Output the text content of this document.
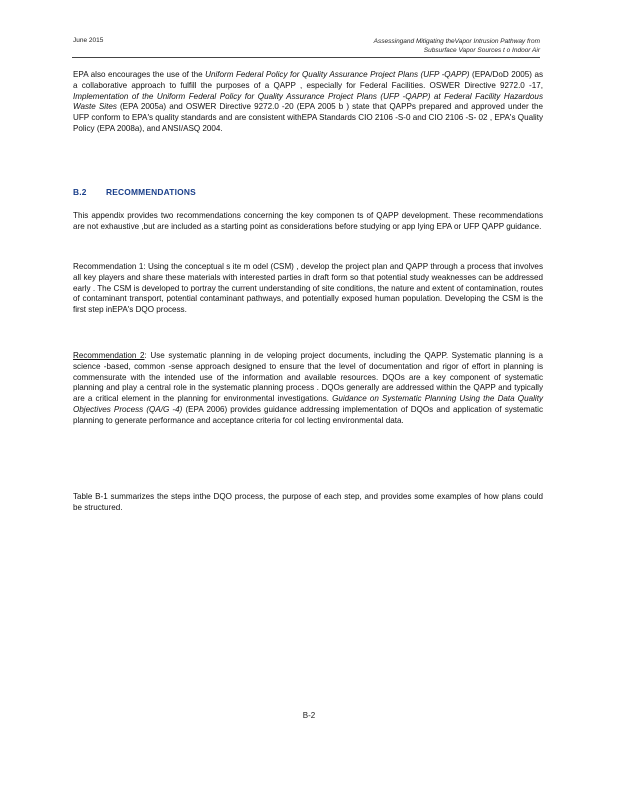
June 2015	Assessingand Mitigating theVapor Intrusion Pathway from
Subsurface Vapor Sources t o Indoor Air

EPA also encourages the use of the Uniform Federal Policy for Quality Assurance Project Plans (UFP -QAPP) (EPA/DoD 2005) as a collaborative approach to fulfill the purposes of a QAPP , especially for Federal Facilities. OSWER Directive 9272.0 -17, Implementation of the Uniform Federal Policy for Quality Assurance Project Plans (UFP -QAPP) at Federal Facility Hazardous Waste Sites (EPA 2005a) and OSWER Directive 9272.0 -20 (EPA 2005 b ) state that QAPPs prepared and approved under the UFP conform to EPA's quality standards and are consistent withEPA Standards CIO 2106 -S-0 and CIO 2106 -S- 02 , EPA's Quality Policy (EPA 2008a), and ANSI/ASQ 2004.

B.2 RECOMMENDATIONS

This appendix provides two recommendations concerning the key componen ts of QAPP development. These recommendations are not exhaustive ,but are included as a starting point as considerations before studying or app lying EPA or UFP QAPP guidance.

Recommendation 1: Using the conceptual s ite m odel (CSM) , develop the project plan and QAPP through a process that involves all key players and share these materials with interested parties in draft form so that potential study weaknesses can be addressed early . The CSM is developed to portray the current understanding of site conditions, the nature and extent of contamination, routes of contaminant transport, potential contaminant pathways, and potentially exposed human population. Developing the CSM is the first step inEPA's DQO process.

Recommendation 2: Use systematic planning in de veloping project documents, including the QAPP. Systematic planning is a science -based, common -sense approach designed to ensure that the level of documentation and rigor of effort in planning is commensurate with the intended use of the information and available resources. DQOs are a key component of systematic planning and play a central role in the systematic planning process . DQOs generally are addressed within the QAPP and typically are a critical element in the planning for environmental investigations. Guidance on Systematic Planning Using the Data Quality Objectives Process (QA/G -4) (EPA 2006) provides guidance addressing implementation of DQOs and application of systematic planning to generate performance and acceptance criteria for col lecting environmental data.

Table B-1 summarizes the steps inthe DQO process, the purpose of each step, and provides some examples of how plans could be structured.

B-2
